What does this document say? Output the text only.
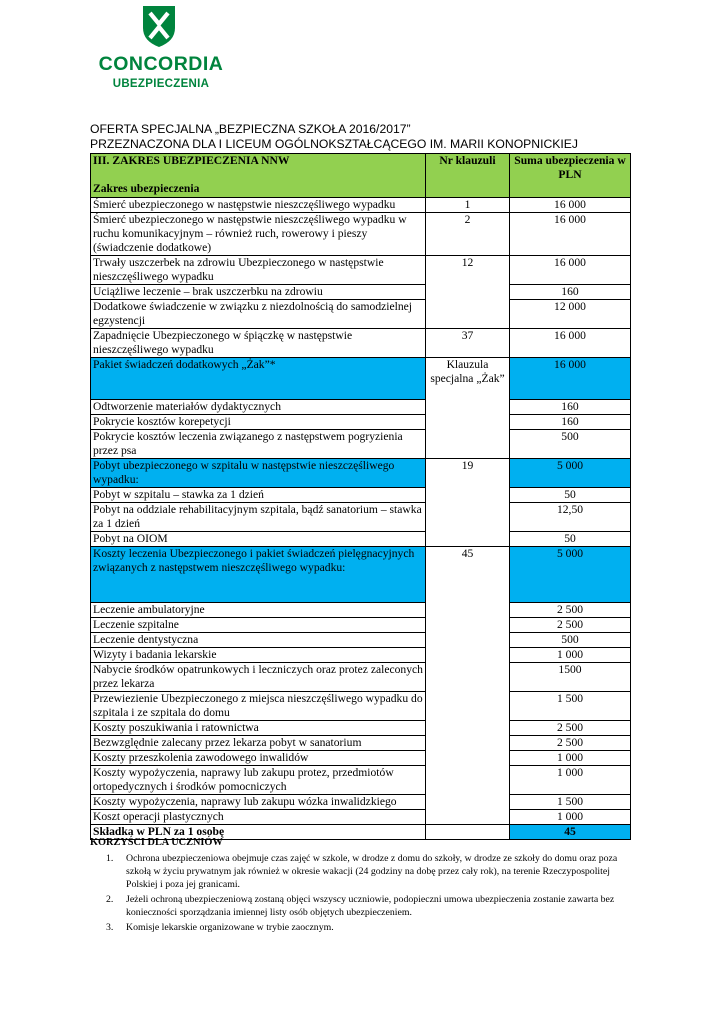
CONCORDIA
UBEZPIECZENIA
OFERTA SPECJALNA „BEZPIECZNA SZKOŁA 2016/2017”
PRZEZNACZONA DLA I LICEUM OGÓLNOKSZTAŁCĄCEGO IM. MARII KONOPNICKIEJ
III. ZAKRES UBEZPIECZENIA NNW
Zakres ubezpieczenia	Nr klauzuli	Suma ubezpieczenia w PLN
Śmierć ubezpieczonego w następstwie nieszczęśliwego wypadku	1	16 000
Śmierć ubezpieczonego w następstwie nieszczęśliwego wypadku w ruchu komunikacyjnym – również ruch, rowerowy i pieszy (świadczenie dodatkowe)	2	16 000
Trwały uszczerbek na zdrowiu Ubezpieczonego w następstwie nieszczęśliwego wypadku	12	16 000
Uciążliwe leczenie – brak uszczerbku na zdrowiu		160
Dodatkowe świadczenie w związku z niezdolnością do samodzielnej egzystencji		12 000
Zapadnięcie Ubezpieczonego w śpiączkę w następstwie nieszczęśliwego wypadku	37	16 000
Pakiet świadczeń dodatkowych „Żak”*	Klauzula specjalna „Żak”	16 000
Odtworzenie materiałów dydaktycznych		160
Pokrycie kosztów korepetycji		160
Pokrycie kosztów leczenia związanego z następstwem pogryzienia przez psa		500
Pobyt ubezpieczonego w szpitalu w następstwie nieszczęśliwego wypadku:	19	5 000
Pobyt w szpitalu – stawka za 1 dzień		50
Pobyt na oddziale rehabilitacyjnym szpitala, bądź sanatorium – stawka za 1 dzień		12,50
Pobyt na OIOM		50
Koszty leczenia Ubezpieczonego i pakiet świadczeń pielęgnacyjnych związanych z następstwem nieszczęśliwego wypadku:	45	5 000
Leczenie ambulatoryjne		2 500
Leczenie szpitalne		2 500
Leczenie dentystyczna		500
Wizyty i badania lekarskie		1 000
Nabycie środków opatrunkowych i leczniczych oraz protez zaleconych przez lekarza		1500
Przewiezienie Ubezpieczonego z miejsca nieszczęśliwego wypadku do szpitala i ze szpitala do domu		1 500
Koszty poszukiwania i ratownictwa		2 500
Bezwzględnie zalecany przez lekarza pobyt w sanatorium		2 500
Koszty przeszkolenia zawodowego inwalidów		1 000
Koszty wypożyczenia, naprawy lub zakupu protez, przedmiotów ortopedycznych i środków pomocniczych		1 000
Koszty wypożyczenia, naprawy lub zakupu wózka inwalidzkiego		1 500
Koszt operacji plastycznych		1 000
Składka w PLN za 1 osobę		45
KORZYŚCI DLA UCZNIÓW
1. Ochrona ubezpieczeniowa obejmuje czas zajęć w szkole, w drodze z domu do szkoły, w drodze ze szkoły do domu oraz poza szkołą w życiu prywatnym jak również w okresie wakacji (24 godziny na dobę przez cały rok), na terenie Rzeczypospolitej Polskiej i poza jej granicami.
2. Jeżeli ochroną ubezpieczeniową zostaną objęci wszyscy uczniowie, podopieczni umowa ubezpieczenia zostanie zawarta bez konieczności sporządzania imiennej listy osób objętych ubezpieczeniem.
3. Komisje lekarskie organizowane w trybie zaocznym.
